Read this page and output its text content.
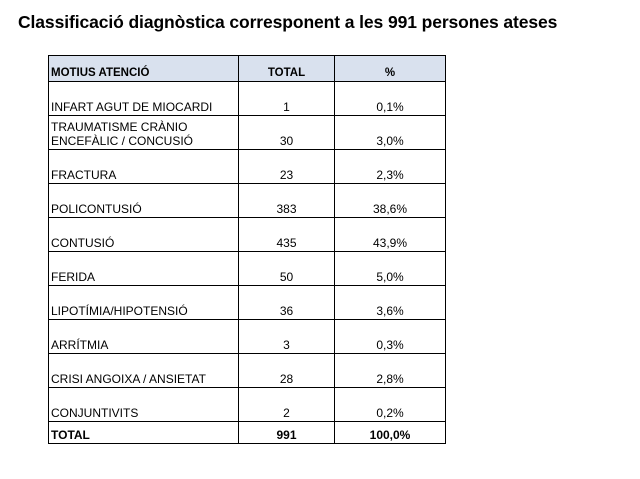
Classificació diagnòstica corresponent a les 991 persones ateses
MOTIUS ATENCIÓ	TOTAL	%
INFART AGUT DE MIOCARDI	1	0,1%
TRAUMATISME CRÀNIO
ENCEFÀLIC / CONCUSIÓ	30	3,0%
FRACTURA	23	2,3%
POLICONTUSIÓ	383	38,6%
CONTUSIÓ	435	43,9%
FERIDA	50	5,0%
LIPOTÍMIA/HIPOTENSIÓ	36	3,6%
ARRÍTMIA	3	0,3%
CRISI ANGOIXA / ANSIETAT	28	2,8%
CONJUNTIVITS	2	0,2%
TOTAL	991	100,0%
